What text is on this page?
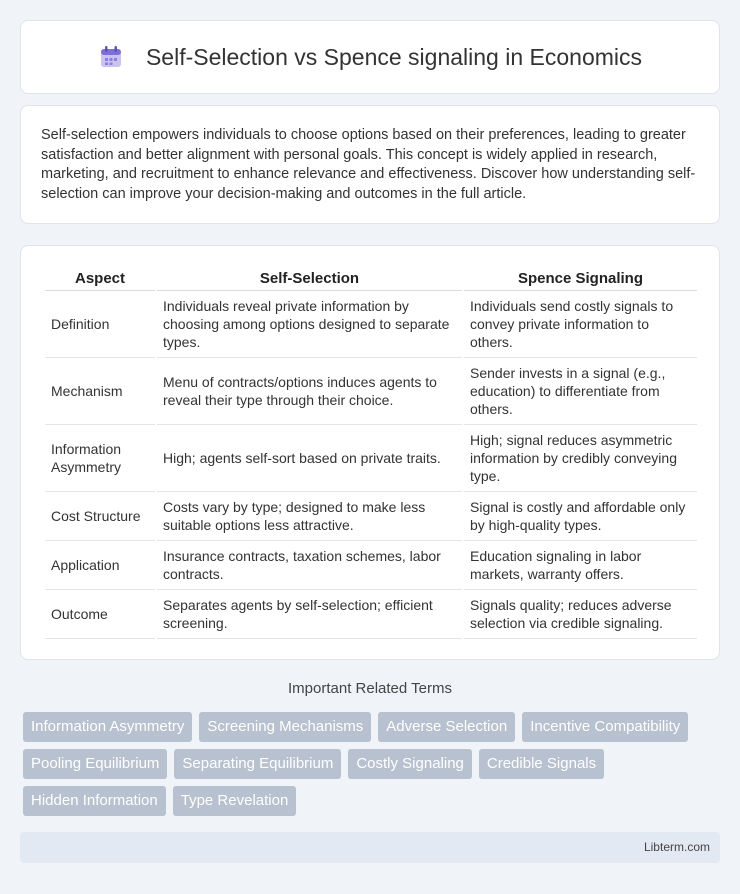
Self-Selection vs Spence signaling in Economics

Self-selection empowers individuals to choose options based on their preferences, leading to greater satisfaction and better alignment with personal goals. This concept is widely applied in research, marketing, and recruitment to enhance relevance and effectiveness. Discover how understanding self-selection can improve your decision-making and outcomes in the full article.

Aspect	Self-Selection	Spence Signaling
Definition	Individuals reveal private information by choosing among options designed to separate types.	Individuals send costly signals to convey private information to others.
Mechanism	Menu of contracts/options induces agents to reveal their type through their choice.	Sender invests in a signal (e.g., education) to differentiate from others.
Information Asymmetry	High; agents self-sort based on private traits.	High; signal reduces asymmetric information by credibly conveying type.
Cost Structure	Costs vary by type; designed to make less suitable options less attractive.	Signal is costly and affordable only by high-quality types.
Application	Insurance contracts, taxation schemes, labor contracts.	Education signaling in labor markets, warranty offers.
Outcome	Separates agents by self-selection; efficient screening.	Signals quality; reduces adverse selection via credible signaling.
Important Related Terms
Information Asymmetry	Screening Mechanisms	Adverse Selection	Incentive Compatibility
Pooling Equilibrium	Separating Equilibrium	Costly Signaling	Credible Signals
Hidden Information	Type Revelation
Libterm.com
